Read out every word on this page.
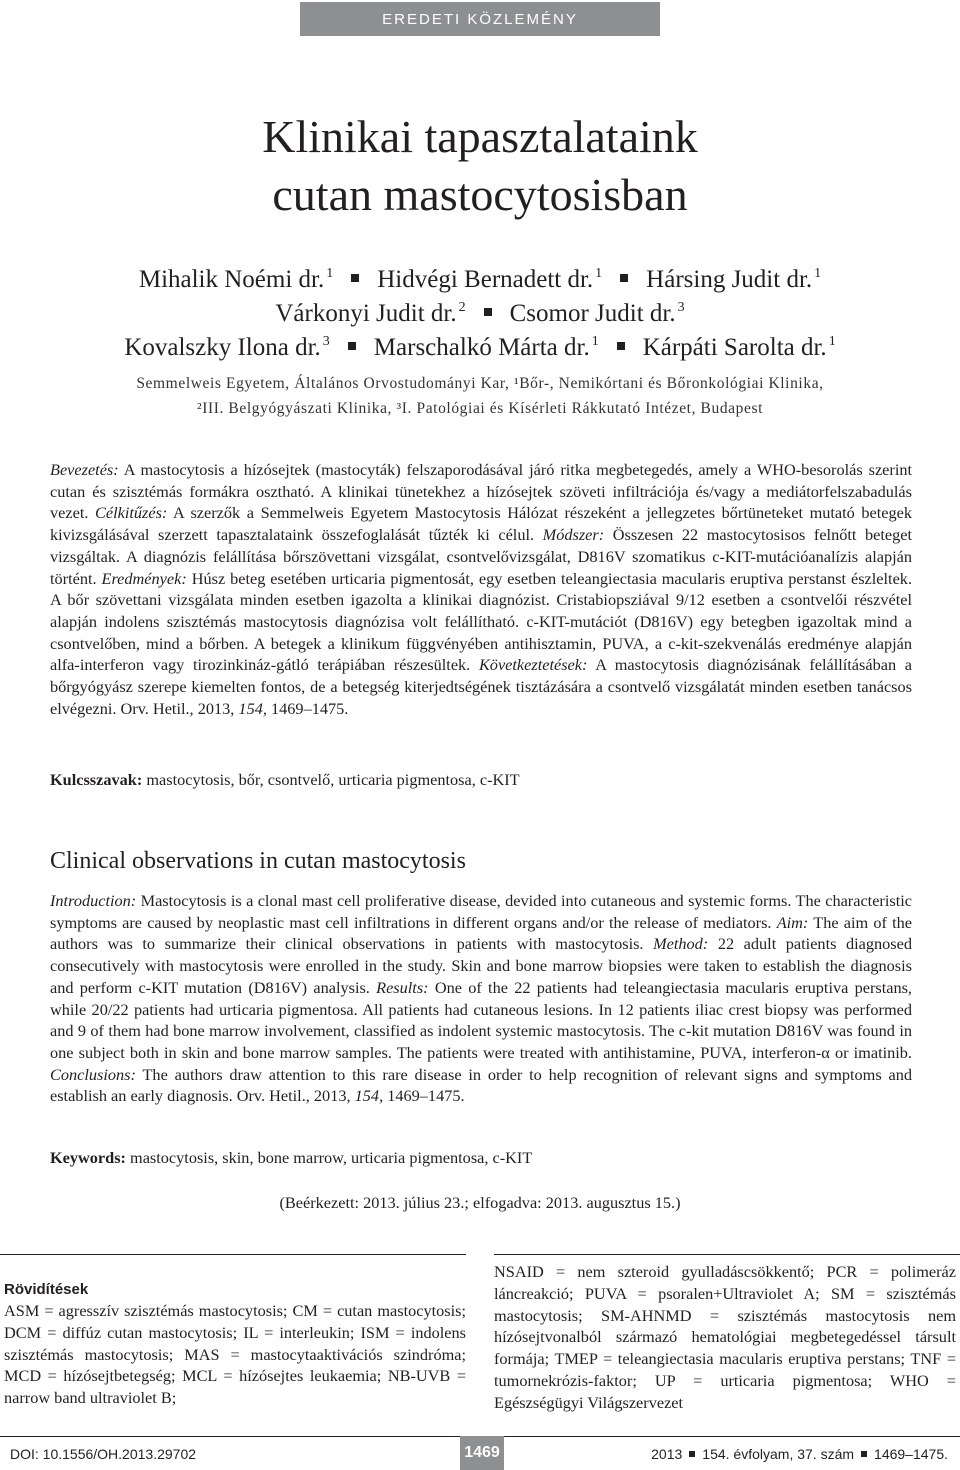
EREDETI KÖZLEMÉNY
Klinikai tapasztalataink
cutan mastocytosisban
Mihalik Noémi dr. $^1$ Hidvégi Bernadett dr. $^1$ Hársing Judit dr. $^1$
Várkonyi Judit dr. $^2$ Csomor Judit dr. $^3$
Kovalszky Ilona dr. $^3$ Marschalkó Márta dr. $^1$ Kárpáti Sarolta dr. $^1$
Semmelweis Egyetem, Általános Orvostudományi Kar, ¹Bőr-, Nemikórtani és Bőronkológiai Klinika,
²III. Belgyógyászati Klinika, ³I. Patológiai és Kísérleti Rákkutató Intézet, Budapest
Bevezetés: A mastocytosis a hízósejtek (mastocyták) felszaporodásával járó ritka megbetegedés, amely a WHO-besorolás szerint cutan és szisztémás formákra osztható. A klinikai tünetekhez a hízósejtek szöveti infiltrációja és/vagy a mediátorfelszabadulás vezet. Célkitűzés: A szerzők a Semmelweis Egyetem Mastocytosis Hálózat részeként a jellegzetes bőrtüneteket mutató betegek kivizsgálásával szerzett tapasztalataink összefoglalását tűzték ki célul. Módszer: Összesen 22 mastocytosisos felnőtt beteget vizsgáltak. A diagnózis felállítása bőrszövettani vizsgálat, csontvelővizsgálat, D816V szomatikus c-KIT-mutációanalízis alapján történt. Eredmények: Húsz beteg esetében urticaria pigmentosát, egy esetben teleangiectasia macularis eruptiva perstanst észleltek. A bőr szövettani vizsgálata minden esetben igazolta a klinikai diagnózist. Cristabiopsziával 9/12 esetben a csontvelői részvétel alapján indolens szisztémás mastocytosis diagnózisa volt felállítható. c-KIT-mutációt (D816V) egy betegben igazoltak mind a csontvelőben, mind a bőrben. A betegek a klinikum függvényében antihisztamin, PUVA, a c-kit-szekvenálás eredménye alapján alfa-interferon vagy tirozinkináz-gátló terápiában részesültek. Következtetések: A mastocytosis diagnózisának felállításában a bőrgyógyász szerepe kiemelten fontos, de a betegség kiterjedtségének tisztázására a csontvelő vizsgálatát minden esetben tanácsos elvégezni. Orv. Hetil., 2013, 154, 1469–1475.
Kulcsszavak: mastocytosis, bőr, csontvelő, urticaria pigmentosa, c-KIT
Clinical observations in cutan mastocytosis
Introduction: Mastocytosis is a clonal mast cell proliferative disease, devided into cutaneous and systemic forms. The characteristic symptoms are caused by neoplastic mast cell infiltrations in different organs and/or the release of mediators. Aim: The aim of the authors was to summarize their clinical observations in patients with mastocytosis. Method: 22 adult patients diagnosed consecutively with mastocytosis were enrolled in the study. Skin and bone marrow biopsies were taken to establish the diagnosis and perform c-KIT mutation (D816V) analysis. Results: One of the 22 patients had teleangiectasia macularis eruptiva perstans, while 20/22 patients had urticaria pigmentosa. All patients had cutaneous lesions. In 12 patients iliac crest biopsy was performed and 9 of them had bone marrow involvement, classified as indolent systemic mastocytosis. The c-kit mutation D816V was found in one subject both in skin and bone marrow samples. The patients were treated with antihistamine, PUVA, interferon-α or imatinib. Conclusions: The authors draw attention to this rare disease in order to help recognition of relevant signs and symptoms and establish an early diagnosis. Orv. Hetil., 2013, 154, 1469–1475.
Keywords: mastocytosis, skin, bone marrow, urticaria pigmentosa, c-KIT
(Beérkezett: 2013. július 23.; elfogadva: 2013. augusztus 15.)
Rövidítések
ASM = agresszív szisztémás mastocytosis; CM = cutan mastocytosis; DCM = diffúz cutan mastocytosis; IL = interleukin; ISM = indolens szisztémás mastocytosis; MAS = mastocytaaktivációs szindróma; MCD = hízósejtbetegség; MCL = hízósejtes leukaemia; NB-UVB = narrow band ultraviolet B;
NSAID = nem szteroid gyulladáscsökkentő; PCR = polimeráz láncreakció; PUVA = psoralen+Ultraviolet A; SM = szisztémás mastocytosis; SM-AHNMD = szisztémás mastocytosis nem hízósejtvonalból származó hematológiai megbetegedéssel társult formája; TMEP = teleangiectasia macularis eruptiva perstans; TNF = tumornekrózis-faktor; UP = urticaria pigmentosa; WHO = Egészségügyi Világszervezet
DOI: 10.1556/OH.2013.29702	1469	2013 154. évfolyam, 37. szám 1469–1475.
